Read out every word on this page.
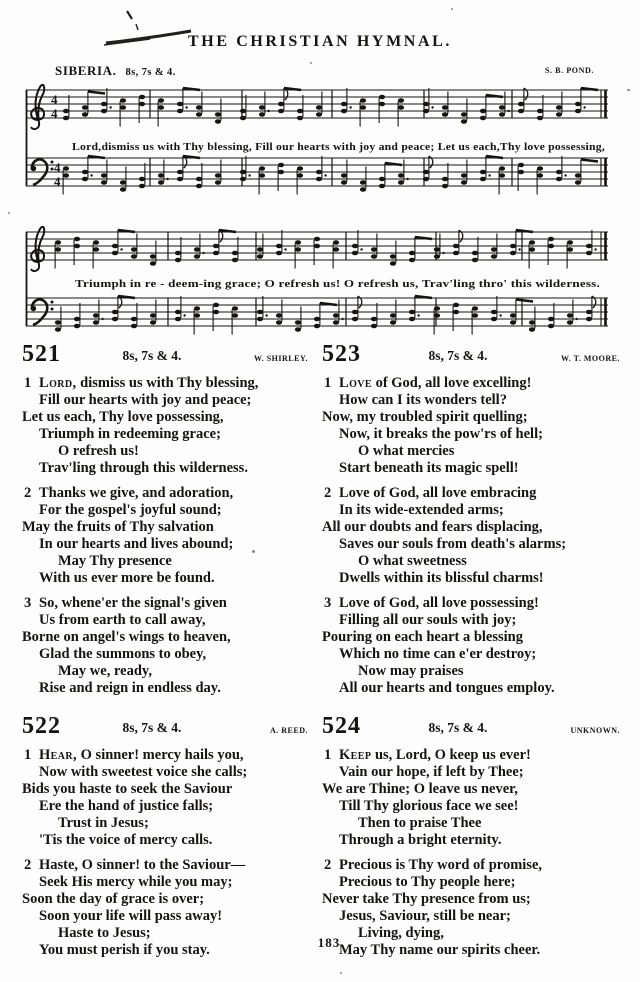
THE CHRISTIAN HYMNAL.
SIBERIA. 8s, 7s & 4.	S. B. POND.
4
4
4
4
Lord,dismiss us with Thy blessing, Fill our hearts with joy and peace; Let us each,Thy love possessing,
Triumph in re - deem-ing grace; O refresh us! O refresh us, Trav'ling thro' this wilderness.
521	8s, 7s & 4.	W. SHIRLEY.
1 Lord, dismiss us with Thy blessing,
Fill our hearts with joy and peace;
Let us each, Thy love possessing,
Triumph in redeeming grace;
O refresh us!
Trav'ling through this wilderness.
2 Thanks we give, and adoration,
For the gospel's joyful sound;
May the fruits of Thy salvation
In our hearts and lives abound;
May Thy presence
With us ever more be found.
3 So, whene'er the signal's given
Us from earth to call away,
Borne on angel's wings to heaven,
Glad the summons to obey,
May we, ready,
Rise and reign in endless day.
522	8s, 7s & 4.	A. REED.
1 Hear, O sinner! mercy hails you,
Now with sweetest voice she calls;
Bids you haste to seek the Saviour
Ere the hand of justice falls;
Trust in Jesus;
'Tis the voice of mercy calls.
2 Haste, O sinner! to the Saviour—
Seek His mercy while you may;
Soon the day of grace is over;
Soon your life will pass away!
Haste to Jesus;
You must perish if you stay.
523	8s, 7s & 4.	W. T. MOORE.
1 Love of God, all love excelling!
How can I its wonders tell?
Now, my troubled spirit quelling;
Now, it breaks the pow'rs of hell;
O what mercies
Start beneath its magic spell!
2 Love of God, all love embracing
In its wide-extended arms;
All our doubts and fears displacing,
Saves our souls from death's alarms;
O what sweetness
Dwells within its blissful charms!
3 Love of God, all love possessing!
Filling all our souls with joy;
Pouring on each heart a blessing
Which no time can e'er destroy;
Now may praises
All our hearts and tongues employ.
524	8s, 7s & 4.	UNKNOWN.
1 Keep us, Lord, O keep us ever!
Vain our hope, if left by Thee;
We are Thine; O leave us never,
Till Thy glorious face we see!
Then to praise Thee
Through a bright eternity.
2 Precious is Thy word of promise,
Precious to Thy people here;
Never take Thy presence from us;
Jesus, Saviour, still be near;
Living, dying,
May Thy name our spirits cheer.
183
